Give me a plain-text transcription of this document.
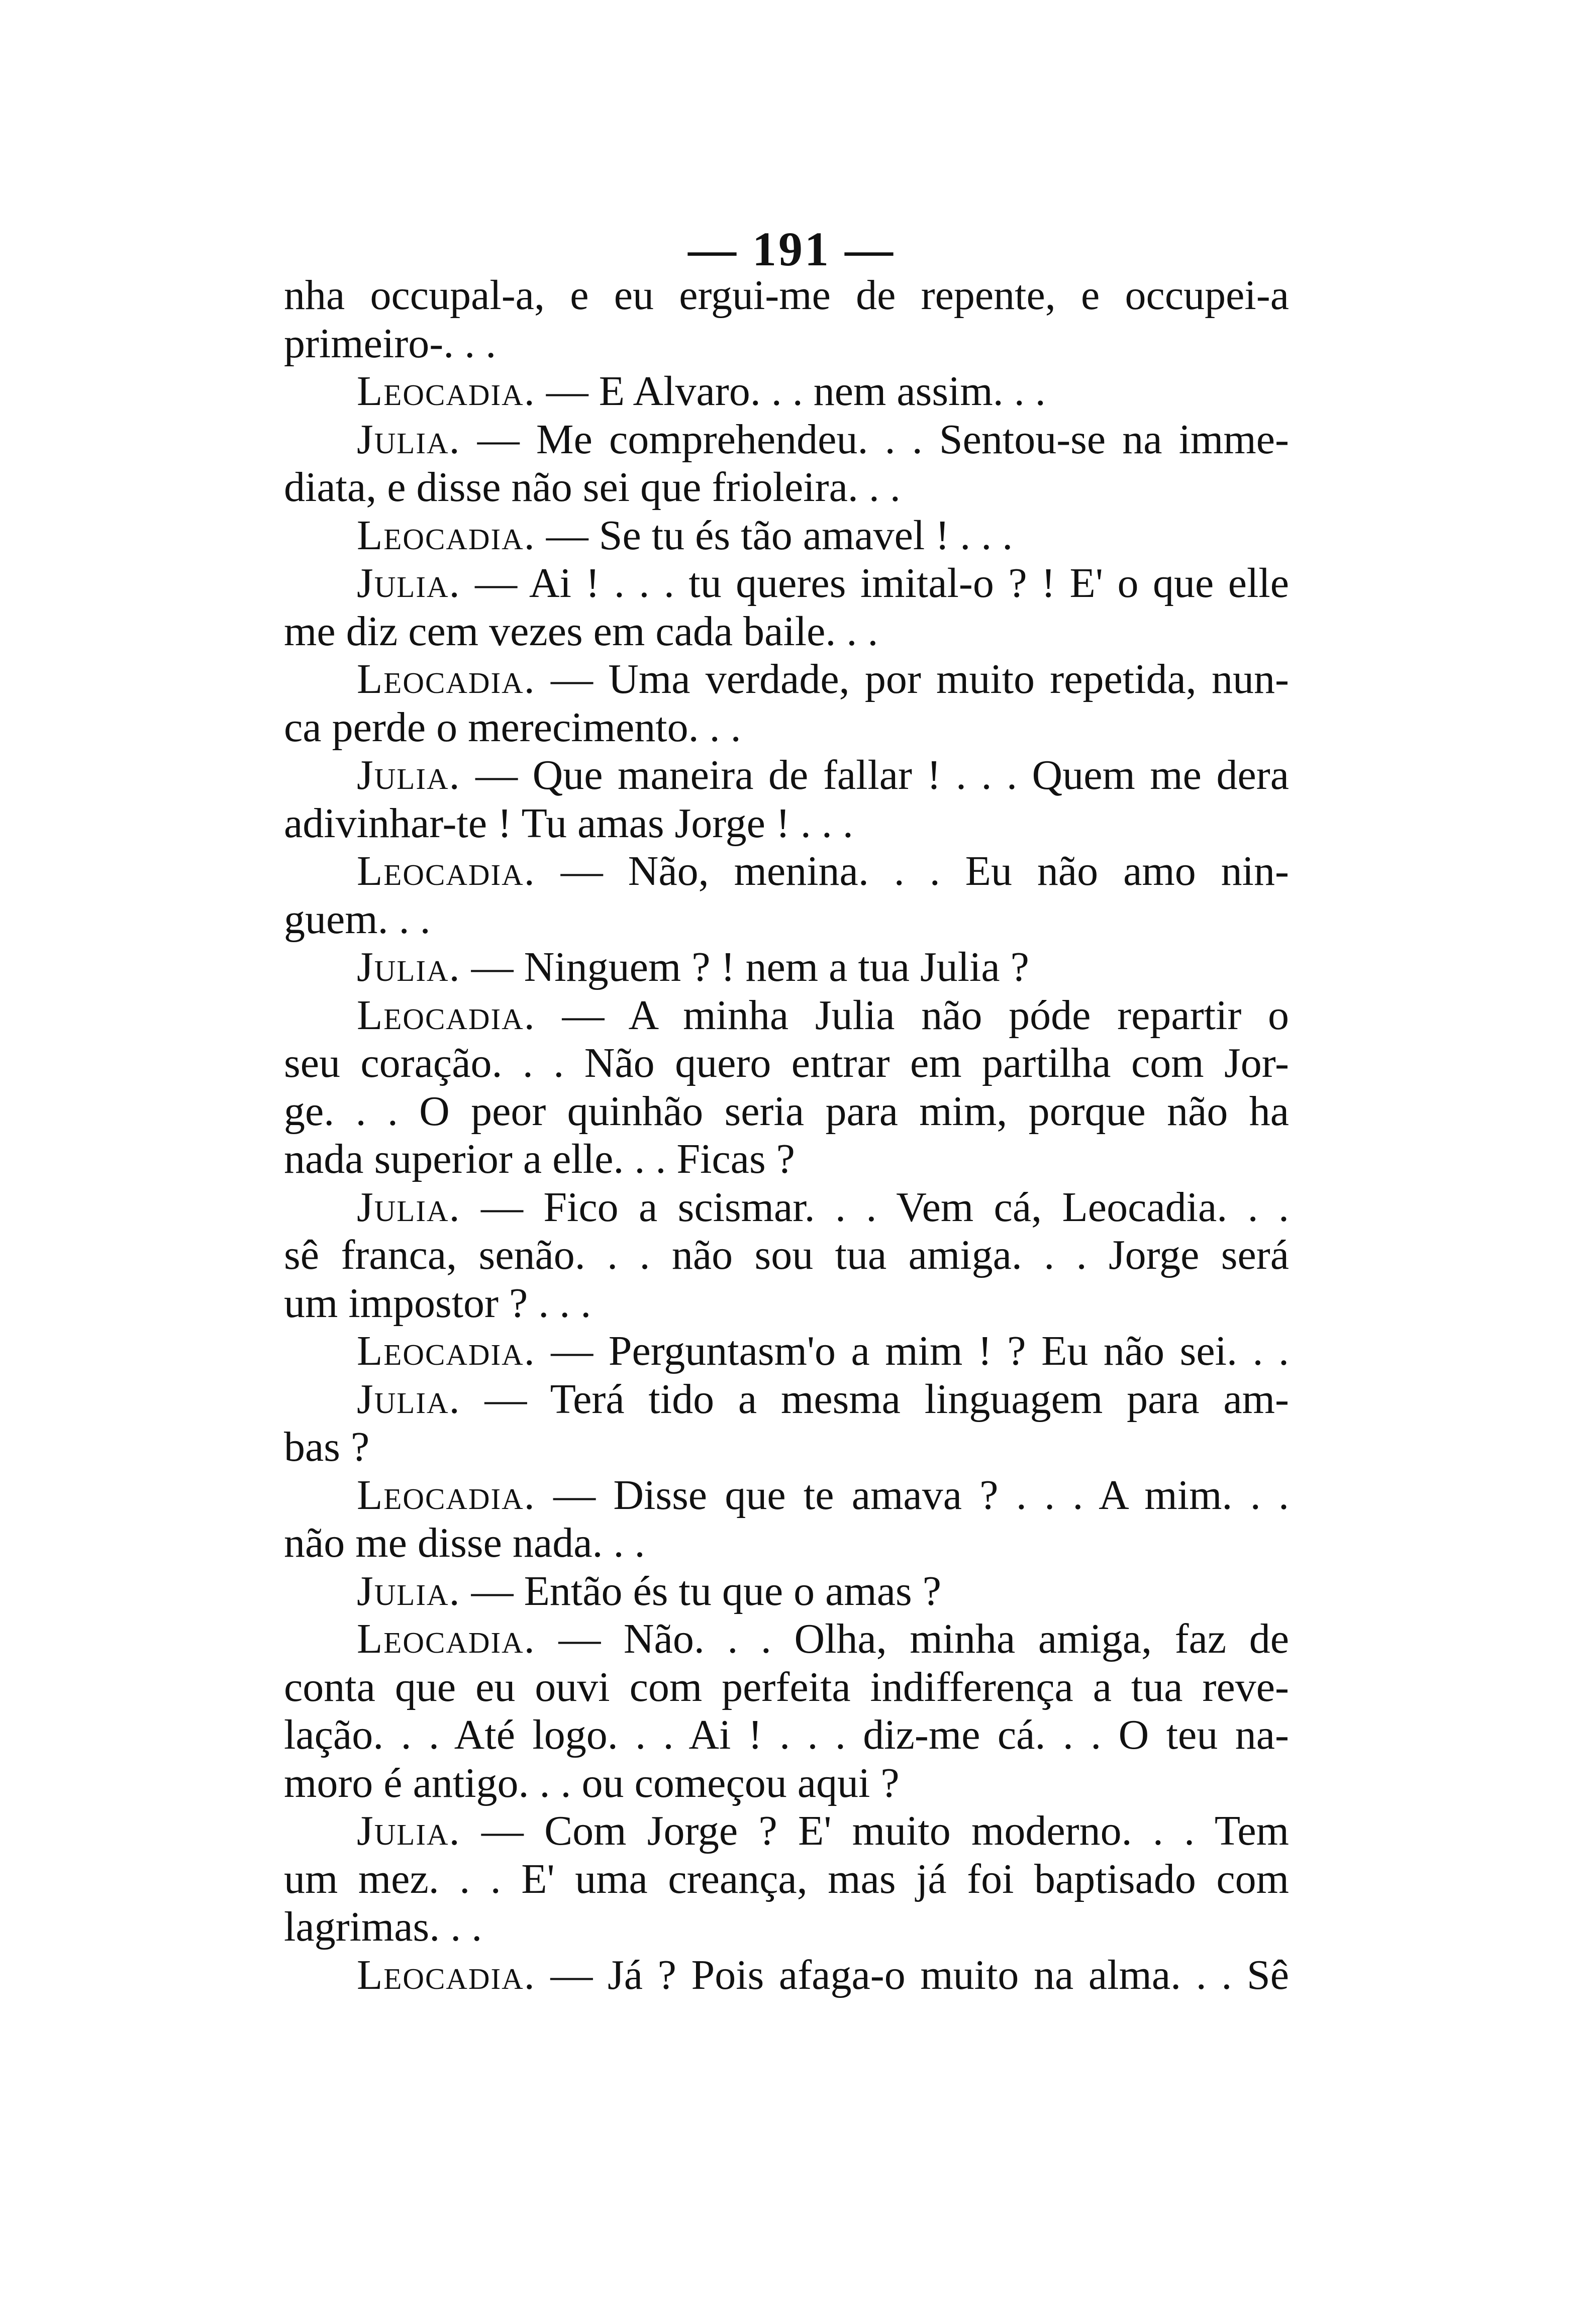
— 191 —
nha occupal-a, e eu ergui-me de repente, e occupei-a
primeiro-. . .
Leocadia. — E Alvaro. . . nem assim. . .
Julia. — Me comprehendeu. . . Sentou-se na imme-
diata, e disse não sei que frioleira. . .
Leocadia. — Se tu és tão amavel ! . . .
Julia. — Ai ! . . . tu queres imital-o ? ! E' o que elle
me diz cem vezes em cada baile. . .
Leocadia. — Uma verdade, por muito repetida, nun-
ca perde o merecimento. . .
Julia. — Que maneira de fallar ! . . . Quem me dera
adivinhar-te ! Tu amas Jorge ! . . .
Leocadia. — Não, menina. . . Eu não amo nin-
guem. . .
Julia. — Ninguem ? ! nem a tua Julia ?
Leocadia. — A minha Julia não póde repartir o
seu coração. . . Não quero entrar em partilha com Jor-
ge. . . O peor quinhão seria para mim, porque não ha
nada superior a elle. . . Ficas ?
Julia. — Fico a scismar. . . Vem cá, Leocadia. . .
sê franca, senão. . . não sou tua amiga. . . Jorge será
um impostor ? . . .
Leocadia. — Perguntasm'o a mim ! ? Eu não sei. . .
Julia. — Terá tido a mesma linguagem para am-
bas ?
Leocadia. — Disse que te amava ? . . . A mim. . .
não me disse nada. . .
Julia. — Então és tu que o amas ?
Leocadia. — Não. . . Olha, minha amiga, faz de
conta que eu ouvi com perfeita indifferença a tua reve-
lação. . . Até logo. . . Ai ! . . . diz-me cá. . . O teu na-
moro é antigo. . . ou começou aqui ?
Julia. — Com Jorge ? E' muito moderno. . . Tem
um mez. . . E' uma creança, mas já foi baptisado com
lagrimas. . .
Leocadia. — Já ? Pois afaga-o muito na alma. . . Sê
